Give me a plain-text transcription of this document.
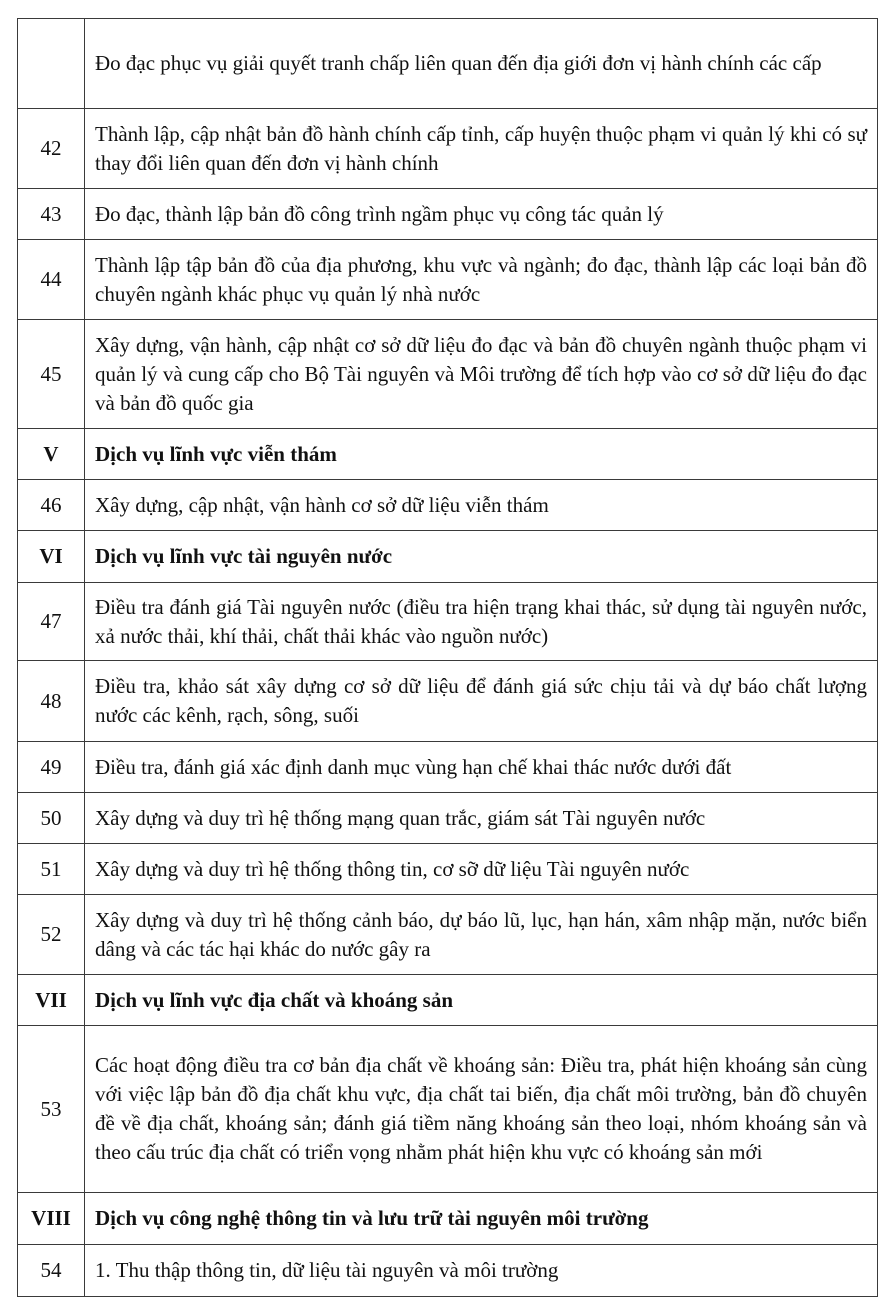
	Đo đạc phục vụ giải quyết tranh chấp liên quan đến địa giới đơn vị hành chính các cấp
42	Thành lập, cập nhật bản đồ hành chính cấp tỉnh, cấp huyện thuộc phạm vi quản lý khi có sự thay đổi liên quan đến đơn vị hành chính
43	Đo đạc, thành lập bản đồ công trình ngầm phục vụ công tác quản lý
44	Thành lập tập bản đồ của địa phương, khu vực và ngành; đo đạc, thành lập các loại bản đồ chuyên ngành khác phục vụ quản lý nhà nước
45	Xây dựng, vận hành, cập nhật cơ sở dữ liệu đo đạc và bản đồ chuyên ngành thuộc phạm vi quản lý và cung cấp cho Bộ Tài nguyên và Môi trường để tích hợp vào cơ sở dữ liệu đo đạc và bản đồ quốc gia
V	Dịch vụ lĩnh vực viễn thám
46	Xây dựng, cập nhật, vận hành cơ sở dữ liệu viễn thám
VI	Dịch vụ lĩnh vực tài nguyên nước
47	Điều tra đánh giá Tài nguyên nước (điều tra hiện trạng khai thác, sử dụng tài nguyên nước, xả nước thải, khí thải, chất thải khác vào nguồn nước)
48	Điều tra, khảo sát xây dựng cơ sở dữ liệu để đánh giá sức chịu tải và dự báo chất lượng nước các kênh, rạch, sông, suối
49	Điều tra, đánh giá xác định danh mục vùng hạn chế khai thác nước dưới đất
50	Xây dựng và duy trì hệ thống mạng quan trắc, giám sát Tài nguyên nước
51	Xây dựng và duy trì hệ thống thông tin, cơ sỡ dữ liệu Tài nguyên nước
52	Xây dựng và duy trì hệ thống cảnh báo, dự báo lũ, lục, hạn hán, xâm nhập mặn, nước biển dâng và các tác hại khác do nước gây ra
VII	Dịch vụ lĩnh vực địa chất và khoáng sản
53	Các hoạt động điều tra cơ bản địa chất về khoáng sản: Điều tra, phát hiện khoáng sản cùng với việc lập bản đồ địa chất khu vực, địa chất tai biến, địa chất môi trường, bản đồ chuyên đề về địa chất, khoáng sản; đánh giá tiềm năng khoáng sản theo loại, nhóm khoáng sản và theo cấu trúc địa chất có triển vọng nhằm phát hiện khu vực có khoáng sản mới
VIII	Dịch vụ công nghệ thông tin và lưu trữ tài nguyên môi trường
54	1. Thu thập thông tin, dữ liệu tài nguyên và môi trường
